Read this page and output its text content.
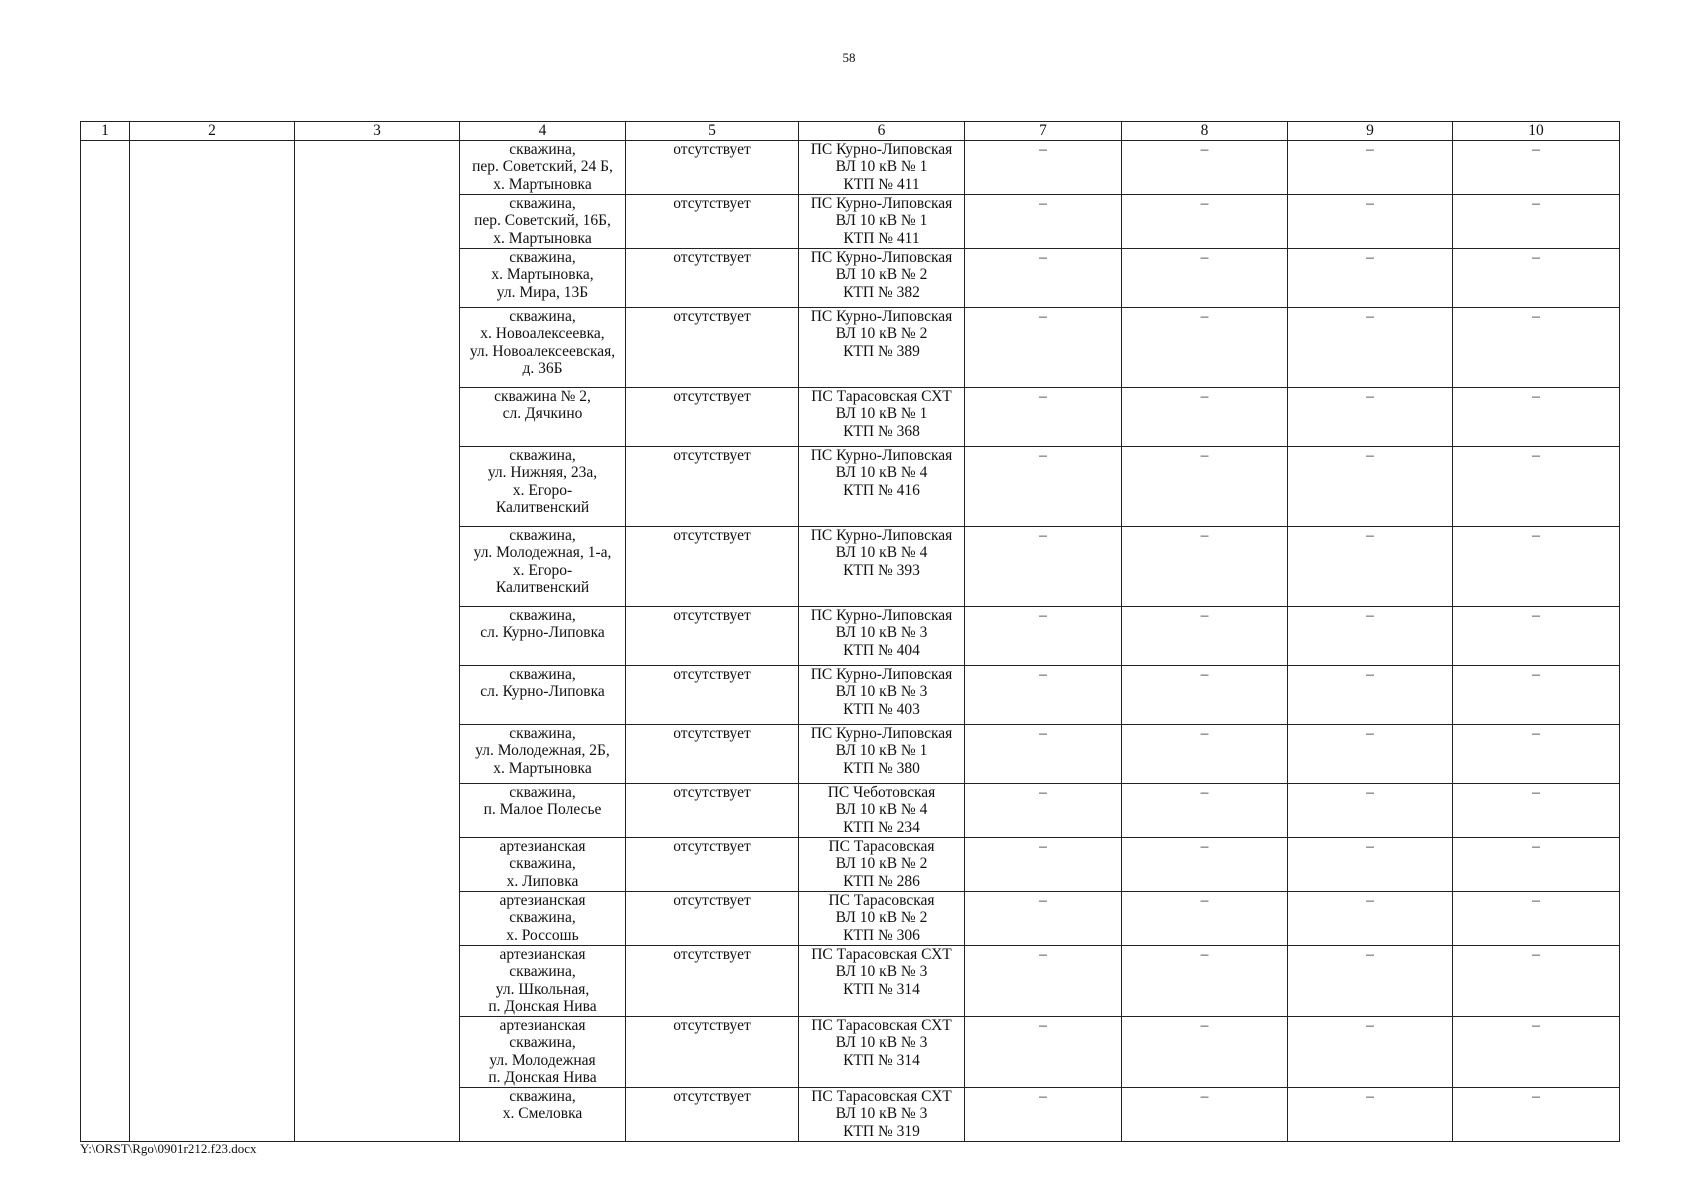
58
1	2	3	4	5	6	7	8	9	10
			скважина,
пер. Советский, 24 Б,
х. Мартыновка	отсутствует	ПС Курно-Липовская
ВЛ 10 кВ № 1
КТП № 411	–	–	–	–
			скважина,
пер. Советский, 16Б,
х. Мартыновка	отсутствует	ПС Курно-Липовская
ВЛ 10 кВ № 1
КТП № 411	–	–	–	–
			скважина,
х. Мартыновка,
ул. Мира, 13Б	отсутствует	ПС Курно-Липовская
ВЛ 10 кВ № 2
КТП № 382	–	–	–	–
			скважина,
х. Новоалексеевка,
ул. Новоалексеевская,
д. 36Б	отсутствует	ПС Курно-Липовская
ВЛ 10 кВ № 2
КТП № 389	–	–	–	–
			скважина № 2,
сл. Дячкино	отсутствует	ПС Тарасовская СХТ
ВЛ 10 кВ № 1
КТП № 368	–	–	–	–
			скважина,
ул. Нижняя, 23а,
х. Егоро-
Калитвенский	отсутствует	ПС Курно-Липовская
ВЛ 10 кВ № 4
КТП № 416	–	–	–	–
			скважина,
ул. Молодежная, 1-а,
х. Егоро-
Калитвенский	отсутствует	ПС Курно-Липовская
ВЛ 10 кВ № 4
КТП № 393	–	–	–	–
			скважина,
сл. Курно-Липовка	отсутствует	ПС Курно-Липовская
ВЛ 10 кВ № 3
КТП № 404	–	–	–	–
			скважина,
сл. Курно-Липовка	отсутствует	ПС Курно-Липовская
ВЛ 10 кВ № 3
КТП № 403	–	–	–	–
			скважина,
ул. Молодежная, 2Б,
х. Мартыновка	отсутствует	ПС Курно-Липовская
ВЛ 10 кВ № 1
КТП № 380	–	–	–	–
			скважина,
п. Малое Полесье	отсутствует	ПС Чеботовская
ВЛ 10 кВ № 4
КТП № 234	–	–	–	–
			артезианская
скважина,
х. Липовка	отсутствует	ПС Тарасовская
ВЛ 10 кВ № 2
КТП № 286	–	–	–	–
			артезианская
скважина,
х. Россошь	отсутствует	ПС Тарасовская
ВЛ 10 кВ № 2
КТП № 306	–	–	–	–
			артезианская
скважина,
ул. Школьная,
п. Донская Нива	отсутствует	ПС Тарасовская СХТ
ВЛ 10 кВ № 3
КТП № 314	–	–	–	–
			артезианская
скважина,
ул. Молодежная
п. Донская Нива	отсутствует	ПС Тарасовская СХТ
ВЛ 10 кВ № 3
КТП № 314	–	–	–	–
			скважина,
х. Смеловка	отсутствует	ПС Тарасовская СХТ
ВЛ 10 кВ № 3
КТП № 319	–	–	–	–
Y:\ORST\Rgo\0901r212.f23.docx
